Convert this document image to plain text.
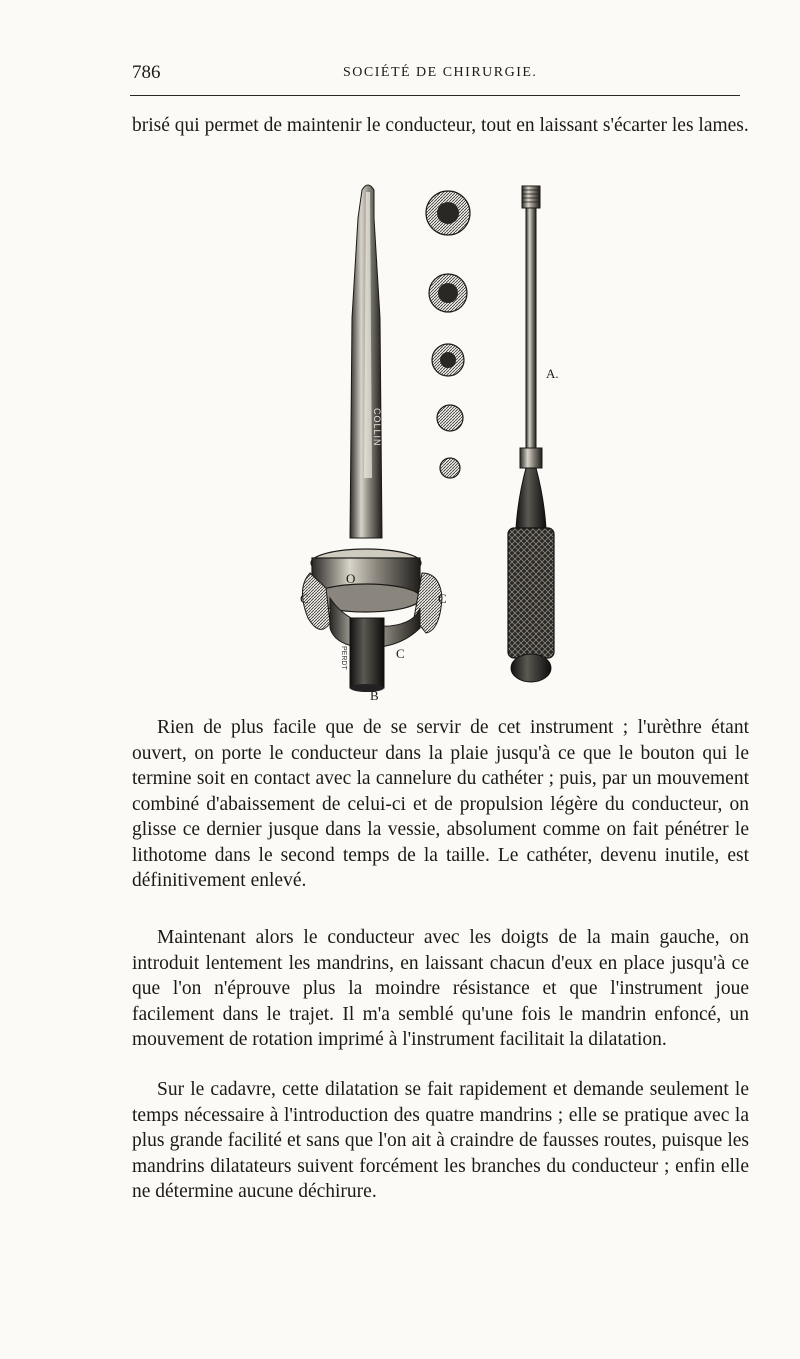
786	SOCIÉTÉ DE CHIRURGIE.

brisé qui permet de maintenir le conducteur, tout en laissant s'écarter les lames.

COLLIN
O
C	C
C
B
PERDT
A.

Rien de plus facile que de se servir de cet instrument ; l'urèthre étant ouvert, on porte le conducteur dans la plaie jusqu'à ce que le bouton qui le termine soit en contact avec la cannelure du cathéter ; puis, par un mouvement combiné d'abaissement de celui-ci et de propulsion légère du conducteur, on glisse ce dernier jusque dans la vessie, absolument comme on fait pénétrer le lithotome dans le second temps de la taille. Le cathéter, devenu inutile, est définitivement enlevé.

Maintenant alors le conducteur avec les doigts de la main gauche, on introduit lentement les mandrins, en laissant chacun d'eux en place jusqu'à ce que l'on n'éprouve plus la moindre résistance et que l'instrument joue facilement dans le trajet. Il m'a semblé qu'une fois le mandrin enfoncé, un mouvement de rotation imprimé à l'instrument facilitait la dilatation.

Sur le cadavre, cette dilatation se fait rapidement et demande seulement le temps nécessaire à l'introduction des quatre mandrins ; elle se pratique avec la plus grande facilité et sans que l'on ait à craindre de fausses routes, puisque les mandrins dilatateurs suivent forcément les branches du conducteur ; enfin elle ne détermine aucune déchirure.
